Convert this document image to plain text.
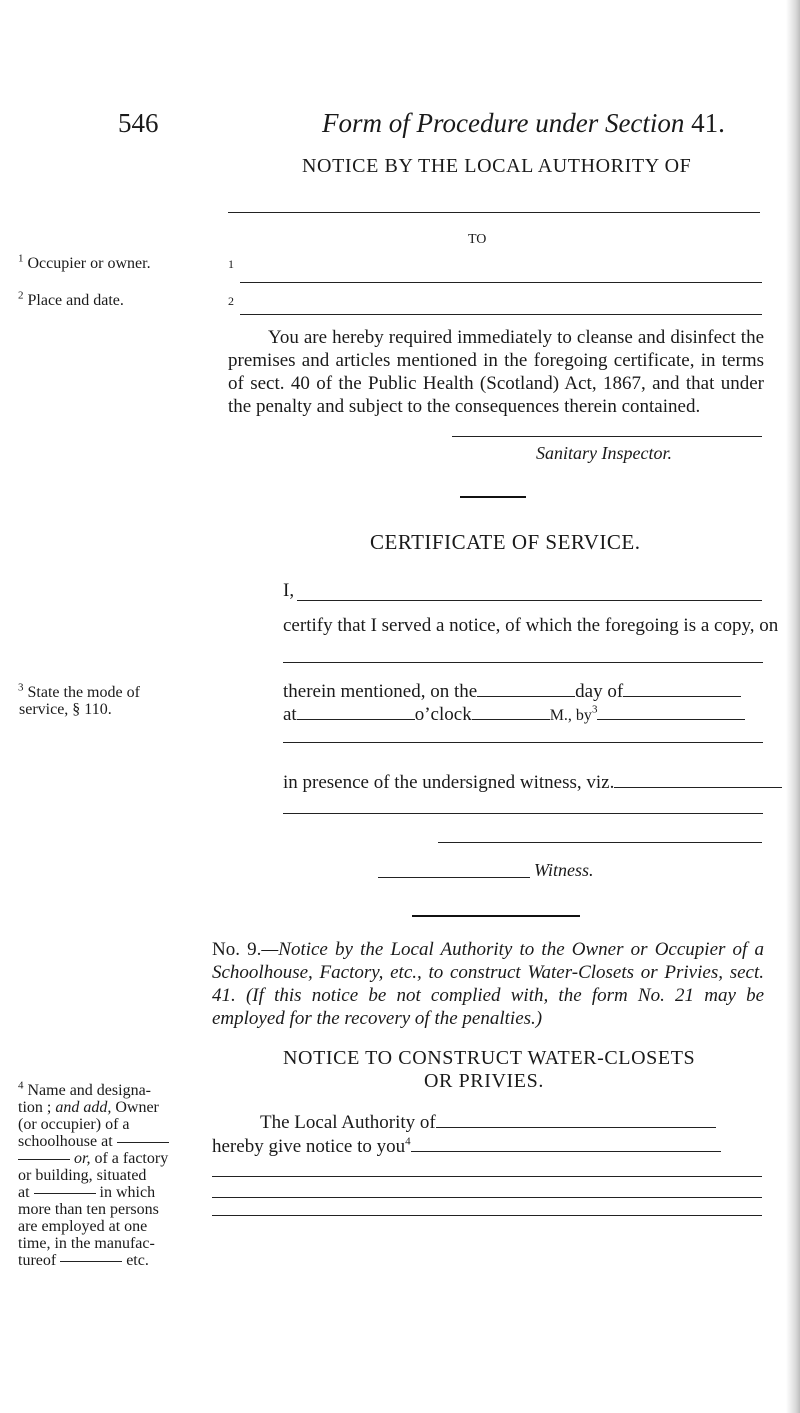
546	Form of Procedure under Section 41.
NOTICE BY THE LOCAL AUTHORITY OF
TO
$^1$ Occupier or owner.	1
$^2$ Place and date.	2
You are hereby required immediately to cleanse and disinfect the premises and articles mentioned in the foregoing certificate, in terms of sect. 40 of the Public Health (Scotland) Act, 1867, and that under the penalty and subject to the consequences therein contained.
Sanitary Inspector.
CERTIFICATE OF SERVICE.
I,
certify that I served a notice, of which the foregoing is a copy, on
therein mentioned, on the	day of
$^3$ State the mode of
service, § 110.	at	o’clock	M., $by^3$
in presence of the undersigned witness, viz.
Witness.
No. 9.—Notice by the Local Authority to the Owner or Occupier of a Schoolhouse, Factory, etc., to construct Water-Closets or Privies, sect. 41. (If this notice be not complied with, the form No. 21 may be employed for the recovery of the penalties.)
NOTICE TO CONSTRUCT WATER-CLOSETS
OR PRIVIES.
The Local Authority of
hereby give notice to you$^4$
$^4$ Name and designa-
tion ; and add, Owner
(or occupier) of a
schoolhouse at
or, of a factory
or building, situated
at	in which
more than ten persons
are employed at one
time, in the manufac-
tureof	etc.
